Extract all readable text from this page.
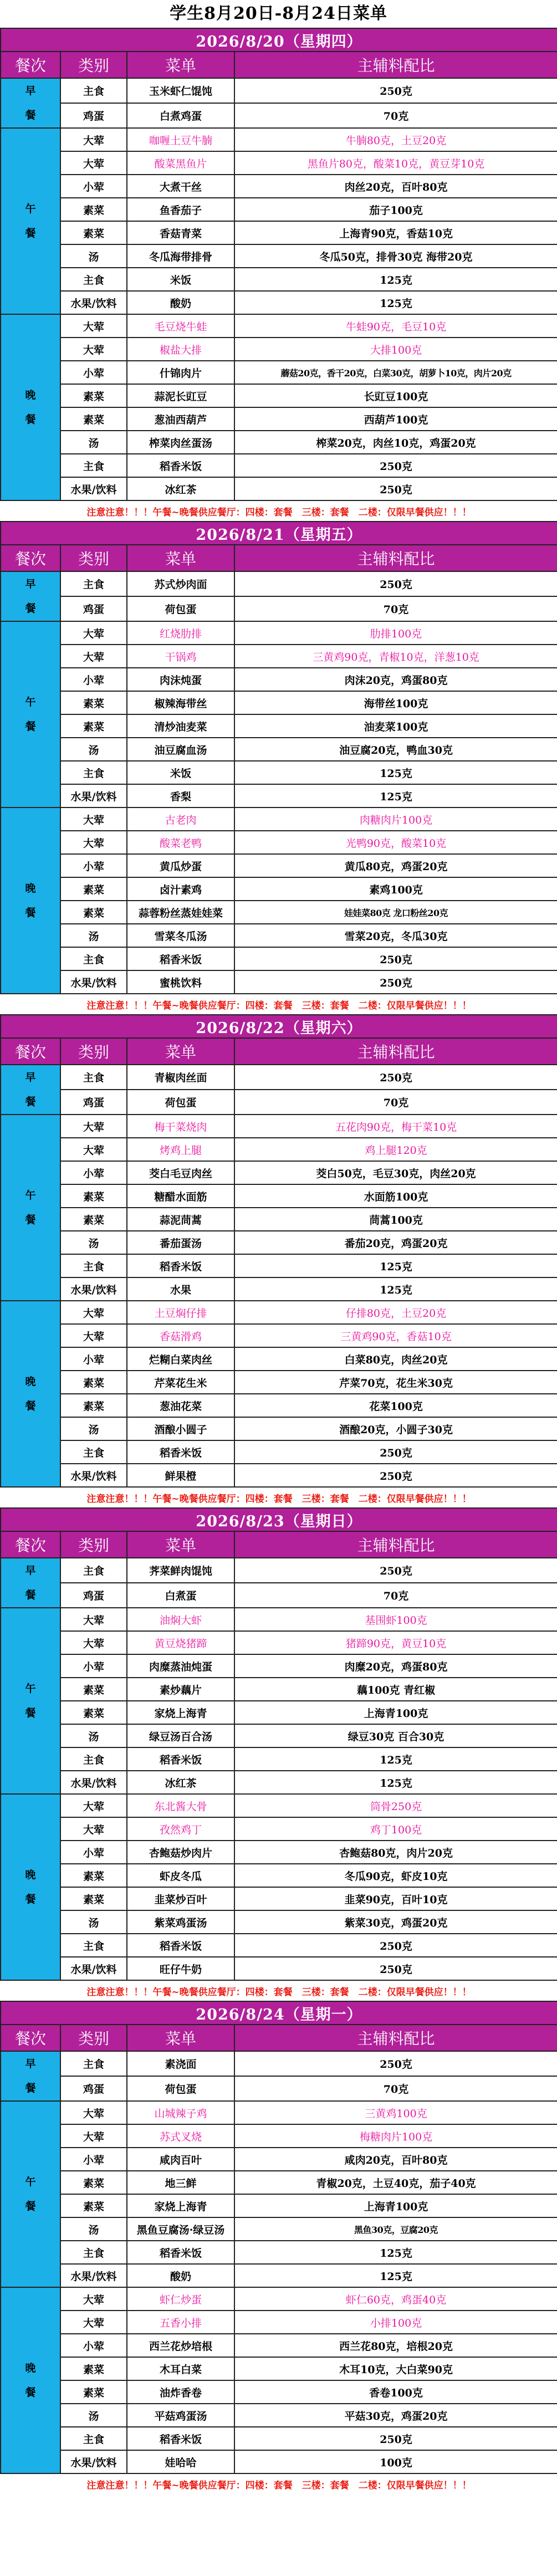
学生8月20日-8月24日菜单
2026/8/20（星期四）			
餐次	类别	菜单	主辅料配比

早
餐	主食	玉米虾仁馄饨	250克
	鸡蛋	白煮鸡蛋	70克

午
餐	大荤	咖喱土豆牛腩	牛腩80克，土豆20克
	大荤	酸菜黑鱼片	黑鱼片80克，酸菜10克，黄豆芽10克
	小荤	大煮干丝	肉丝20克，百叶80克
	素菜	鱼香茄子	茄子100克
	素菜	香菇青菜	上海青90克，香菇10克
	汤	冬瓜海带排骨	冬瓜50克，排骨30克 海带20克
	主食	米饭	125克
	水果/饮料	酸奶	125克

晚
餐	大荤	毛豆烧牛蛙	牛蛙90克，毛豆10克
	大荤	椒盐大排	大排100克
	小荤	什锦肉片	蘑菇20克，香干20克，白菜30克，胡萝卜10克，肉片20克
	素菜	蒜泥长豇豆	长豇豆100克
	素菜	葱油西葫芦	西葫芦100克
	汤	榨菜肉丝蛋汤	榨菜20克，肉丝10克，鸡蛋20克
	主食	稻香米饭	250克
	水果/饮料	冰红茶	250克
注意注意！！！午餐~晚餐供应餐厅：四楼：套餐　三楼：套餐　二楼：仅限早餐供应！！！			
2026/8/21（星期五）			
餐次	类别	菜单	主辅料配比

早
餐	主食	苏式炒肉面	250克
	鸡蛋	荷包蛋	70克

午
餐	大荤	红烧肋排	肋排100克
	大荤	干锅鸡	三黄鸡90克，青椒10克，洋葱10克
	小荤	肉沫炖蛋	肉沫20克，鸡蛋80克
	素菜	椒辣海带丝	海带丝100克
	素菜	清炒油麦菜	油麦菜100克
	汤	油豆腐血汤	油豆腐20克，鸭血30克
	主食	米饭	125克
	水果/饮料	香梨	125克

晚
餐	大荤	古老肉	肉糖肉片100克
	大荤	酸菜老鸭	光鸭90克，酸菜10克
	小荤	黄瓜炒蛋	黄瓜80克，鸡蛋20克
	素菜	卤汁素鸡	素鸡100克
	素菜	蒜蓉粉丝蒸娃娃菜	娃娃菜80克 龙口粉丝20克
	汤	雪菜冬瓜汤	雪菜20克，冬瓜30克
	主食	稻香米饭	250克
	水果/饮料	蜜桃饮料	250克
注意注意！！！午餐~晚餐供应餐厅：四楼：套餐　三楼：套餐　二楼：仅限早餐供应！！！			
2026/8/22（星期六）			
餐次	类别	菜单	主辅料配比

早
餐	主食	青椒肉丝面	250克
	鸡蛋	荷包蛋	70克

午
餐	大荤	梅干菜烧肉	五花肉90克，梅干菜10克
	大荤	烤鸡上腿	鸡上腿120克
	小荤	茭白毛豆肉丝	茭白50克，毛豆30克，肉丝20克
	素菜	糖醋水面筋	水面筋100克
	素菜	蒜泥茼蒿	茼蒿100克
	汤	番茄蛋汤	番茄20克，鸡蛋20克
	主食	稻香米饭	125克
	水果/饮料	水果	125克

晚
餐	大荤	土豆焖仔排	仔排80克，土豆20克
	大荤	香菇滑鸡	三黄鸡90克，香菇10克
	小荤	烂糊白菜肉丝	白菜80克，肉丝20克
	素菜	芹菜花生米	芹菜70克，花生米30克
	素菜	葱油花菜	花菜100克
	汤	酒酿小圆子	酒酿20克，小圆子30克
	主食	稻香米饭	250克
	水果/饮料	鲜果橙	250克
注意注意！！！午餐~晚餐供应餐厅：四楼：套餐　三楼：套餐　二楼：仅限早餐供应！！！			
2026/8/23（星期日）			
餐次	类别	菜单	主辅料配比

早
餐	主食	荠菜鲜肉馄饨	250克
	鸡蛋	白煮蛋	70克

午
餐	大荤	油焖大虾	基围虾100克
	大荤	黄豆烧猪蹄	猪蹄90克，黄豆10克
	小荤	肉糜蒸油炖蛋	肉糜20克，鸡蛋80克
	素菜	素炒藕片	藕100克 青红椒
	素菜	家烧上海青	上海青100克
	汤	绿豆汤百合汤	绿豆30克 百合30克
	主食	稻香米饭	125克
	水果/饮料	冰红茶	125克

晚
餐	大荤	东北酱大骨	筒骨250克
	大荤	孜然鸡丁	鸡丁100克
	小荤	杏鲍菇炒肉片	杏鲍菇80克，肉片20克
	素菜	虾皮冬瓜	冬瓜90克，虾皮10克
	素菜	韭菜炒百叶	韭菜90克，百叶10克
	汤	紫菜鸡蛋汤	紫菜30克，鸡蛋20克
	主食	稻香米饭	250克
	水果/饮料	旺仔牛奶	250克
注意注意！！！午餐~晚餐供应餐厅：四楼：套餐　三楼：套餐　二楼：仅限早餐供应！！！			
2026/8/24（星期一）			
餐次	类别	菜单	主辅料配比

早
餐	主食	素浇面	250克
	鸡蛋	荷包蛋	70克

午
餐	大荤	山城辣子鸡	三黄鸡100克
	大荤	苏式叉烧	梅糖肉片100克
	小荤	咸肉百叶	咸肉20克，百叶80克
	素菜	地三鲜	青椒20克，土豆40克，茄子40克
	素菜	家烧上海青	上海青100克
	汤	黑鱼豆腐汤·绿豆汤	黑鱼30克，豆腐20克
	主食	稻香米饭	125克
	水果/饮料	酸奶	125克

晚
餐	大荤	虾仁炒蛋	虾仁60克，鸡蛋40克
	大荤	五香小排	小排100克
	小荤	西兰花炒培根	西兰花80克，培根20克
	素菜	木耳白菜	木耳10克，大白菜90克
	素菜	油炸香卷	香卷100克
	汤	平菇鸡蛋汤	平菇30克，鸡蛋20克
	主食	稻香米饭	250克
	水果/饮料	娃哈哈	100克
注意注意！！！午餐~晚餐供应餐厅：四楼：套餐　三楼：套餐　二楼：仅限早餐供应！！！			
